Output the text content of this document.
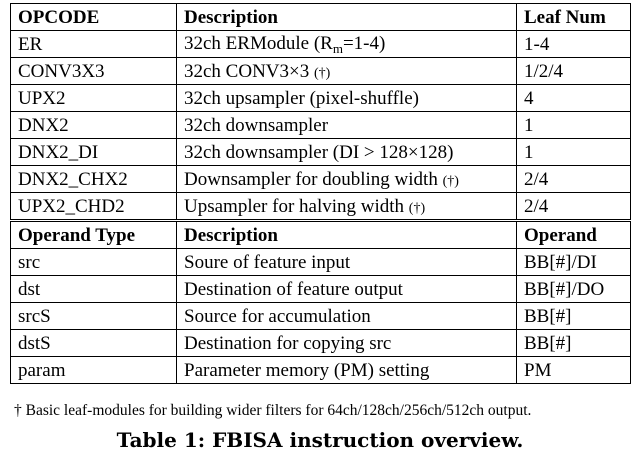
OPCODE	Description	Leaf Num
ER	32ch ERModule $(R_m=1-4)$	1-4
CONV3X3	32ch CONV3×3 (†)	1/2/4
UPX2	32ch upsampler (pixel-shuffle)	4
DNX2	32ch downsampler	1
DNX2_DI	32ch downsampler (DI > 128×128)	1
DNX2_CHX2	Downsampler for doubling width (†)	2/4
UPX2_CHD2	Upsampler for halving width (†)	2/4
Operand Type	Description	Operand
src	Soure of feature input	BB[#]/DI
dst	Destination of feature output	BB[#]/DO
srcS	Source for accumulation	BB[#]
dstS	Destination for copying src	BB[#]
param	Parameter memory (PM) setting	PM
† Basic leaf-modules for building wider filters for 64ch/128ch/256ch/512ch output.
Table 1: FBISA instruction overview.
